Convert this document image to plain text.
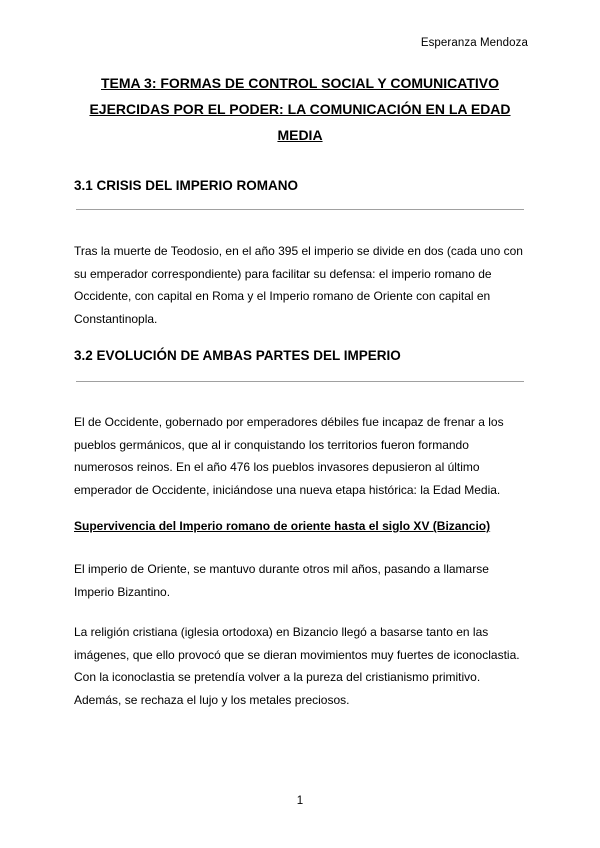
Esperanza Mendoza
TEMA 3: FORMAS DE CONTROL SOCIAL Y COMUNICATIVO EJERCIDAS POR EL PODER: LA COMUNICACIÓN EN LA EDAD MEDIA
3.1 CRISIS DEL IMPERIO ROMANO

Tras la muerte de Teodosio, en el año 395 el imperio se divide en dos (cada uno con su emperador correspondiente) para facilitar su defensa: el imperio romano de Occidente, con capital en Roma y el Imperio romano de Oriente con capital en Constantinopla.

3.2 EVOLUCIÓN DE AMBAS PARTES DEL IMPERIO

El de Occidente, gobernado por emperadores débiles fue incapaz de frenar a los pueblos germánicos, que al ir conquistando los territorios fueron formando numerosos reinos. En el año 476 los pueblos invasores depusieron al último emperador de Occidente, iniciándose una nueva etapa histórica: la Edad Media.

Supervivencia del Imperio romano de oriente hasta el siglo XV (Bizancio)

El imperio de Oriente, se mantuvo durante otros mil años, pasando a llamarse Imperio Bizantino.

La religión cristiana (iglesia ortodoxa) en Bizancio llegó a basarse tanto en las imágenes, que ello provocó que se dieran movimientos muy fuertes de iconoclastia. Con la iconoclastia se pretendía volver a la pureza del cristianismo primitivo. Además, se rechaza el lujo y los metales preciosos.

1
